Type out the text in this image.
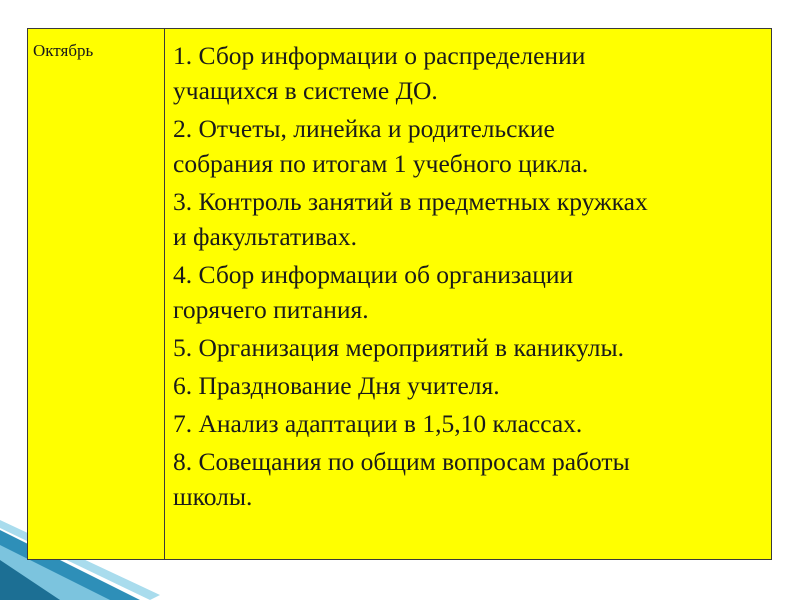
Октябрь	1. Сбор информации о распределении
учащихся в системе ДО.
2. Отчеты, линейка и родительские
собрания по итогам 1 учебного цикла.
3. Контроль занятий в предметных кружках
и факультативах.
4. Сбор информации об организации
горячего питания.
5. Организация мероприятий в каникулы.
6. Празднование Дня учителя.
7. Анализ адаптации в 1,5,10 классах.
8. Совещания по общим вопросам работы
школы.
